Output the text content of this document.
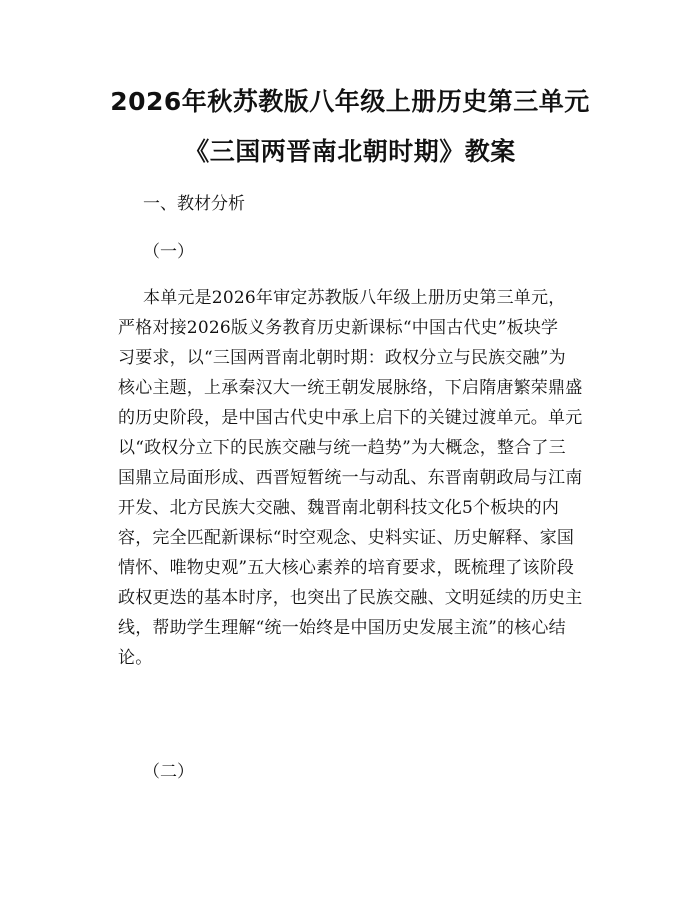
2026年秋苏教版八年级上册历史第三单元
《三国两晋南北朝时期》教案
一、教材分析
（一）
本单元是2026年审定苏教版八年级上册历史第三单元，
严格对接2026版义务教育历史新课标“中国古代史”板块学
习要求，以“三国两晋南北朝时期：政权分立与民族交融”为
核心主题，上承秦汉大一统王朝发展脉络，下启隋唐繁荣鼎盛
的历史阶段，是中国古代史中承上启下的关键过渡单元。单元
以“政权分立下的民族交融与统一趋势”为大概念，整合了三
国鼎立局面形成、西晋短暂统一与动乱、东晋南朝政局与江南
开发、北方民族大交融、魏晋南北朝科技文化5个板块的内
容，完全匹配新课标“时空观念、史料实证、历史解释、家国
情怀、唯物史观”五大核心素养的培育要求，既梳理了该阶段
政权更迭的基本时序，也突出了民族交融、文明延续的历史主
线，帮助学生理解“统一始终是中国历史发展主流”的核心结
论。
（二）
